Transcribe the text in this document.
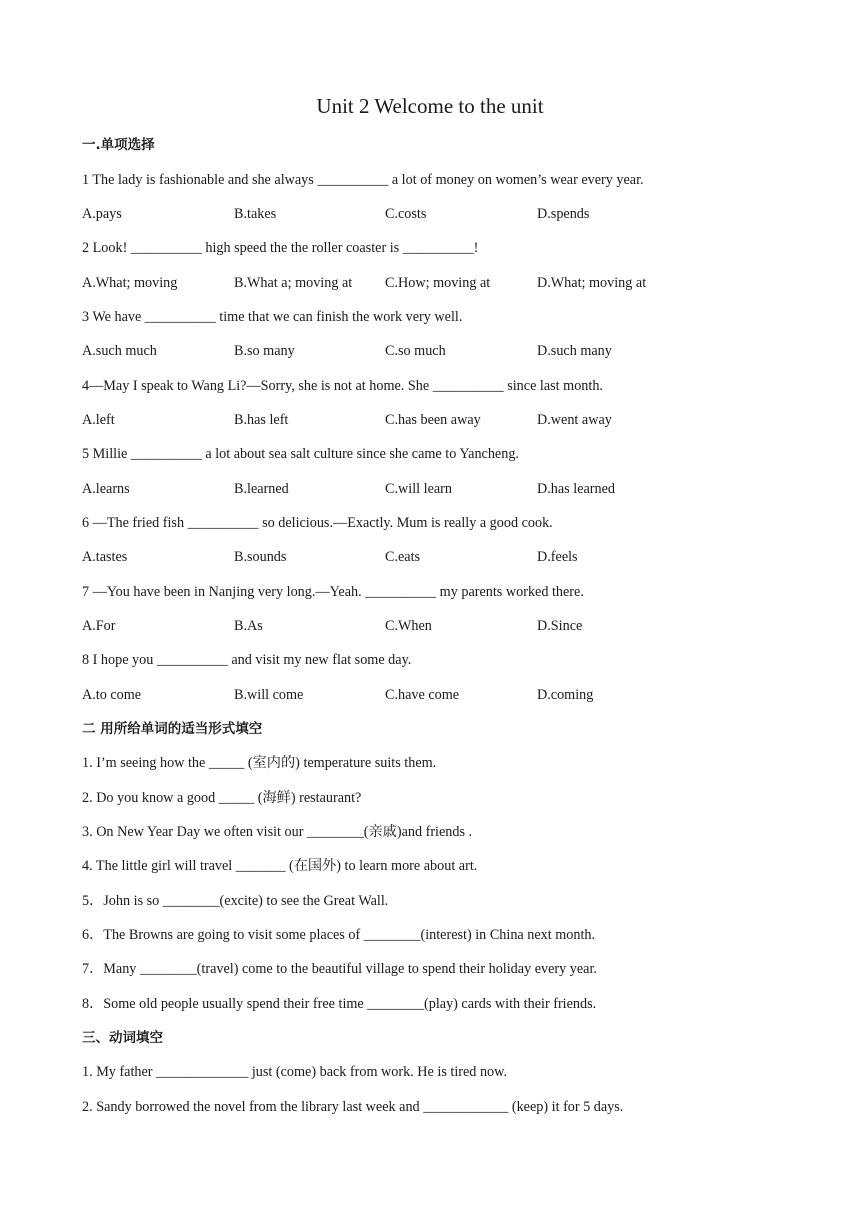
Unit 2 Welcome to the unit
一.单项选择
1 The lady is fashionable and she always __________ a lot of money on women’s wear every year.
A.pays	B.takes	C.costs	D.spends
2 Look! __________ high speed the the roller coaster is __________!
A.What; moving	B.What a; moving at C.How; moving at	D.What; moving at
3 We have __________ time that we can finish the work very well.
A.such much	B.so many	C.so much	D.such many
4—May I speak to Wang Li?—Sorry, she is not at home. She __________ since last month.
A.left	B.has left	C.has been away	D.went away
5 Millie __________ a lot about sea salt culture since she came to Yancheng.
A.learns	B.learned	C.will learn	D.has learned
6 —The fried fish __________ so delicious.—Exactly. Mum is really a good cook.
A.tastes	B.sounds	C.eats	D.feels
7 —You have been in Nanjing very long.—Yeah. __________ my parents worked there.
A.For	B.As	C.When	D.Since
8 I hope you __________ and visit my new flat some day.
A.to come	B.will come	C.have come	D.coming
二 用所给单词的适当形式填空
1. I’m seeing how the _____ (室内的) temperature suits them.
2. Do you know a good _____ (海鲜) restaurant?
3. On New Year Day we often visit our ________(亲戚)and friends .
4. The little girl will travel _______ (在国外) to learn more about art.
5．John is so ________(excite) to see the Great Wall.
6．The Browns are going to visit some places of ________(interest) in China next month.
7．Many ________(travel) come to the beautiful village to spend their holiday every year.
8．Some old people usually spend their free time ________(play) cards with their friends.
三、动词填空
1. My father _____________ just (come) back from work. He is tired now.
2. Sandy borrowed the novel from the library last week and ____________ (keep) it for 5 days.
